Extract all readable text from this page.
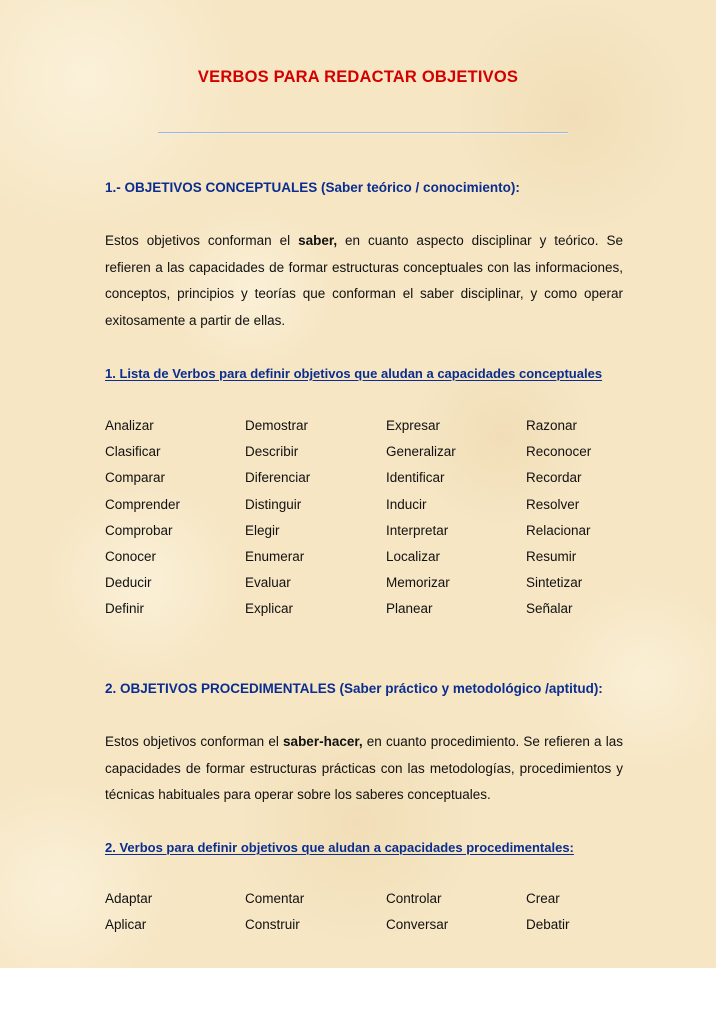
VERBOS PARA REDACTAR OBJETIVOS
1.- OBJETIVOS CONCEPTUALES (Saber teórico / conocimiento):
Estos objetivos conforman el saber, en cuanto aspecto disciplinar y teórico. Se refieren a las capacidades de formar estructuras conceptuales con las informaciones, conceptos, principios y teorías que conforman el saber disciplinar, y como operar exitosamente a partir de ellas.
1. Lista de Verbos para definir objetivos que aludan a capacidades conceptuales
Analizar	Demostrar	Expresar	Razonar
Clasificar	Describir	Generalizar	Reconocer
Comparar	Diferenciar	Identificar	Recordar
Comprender	Distinguir	Inducir	Resolver
Comprobar	Elegir	Interpretar	Relacionar
Conocer	Enumerar	Localizar	Resumir
Deducir	Evaluar	Memorizar	Sintetizar
Definir	Explicar	Planear	Señalar
2. OBJETIVOS PROCEDIMENTALES (Saber práctico y metodológico /aptitud):
Estos objetivos conforman el saber-hacer, en cuanto procedimiento. Se refieren a las capacidades de formar estructuras prácticas con las metodologías, procedimientos y técnicas habituales para operar sobre los saberes conceptuales.
2. Verbos para definir objetivos que aludan a capacidades procedimentales:
Adaptar	Comentar	Controlar	Crear
Aplicar	Construir	Conversar	Debatir
